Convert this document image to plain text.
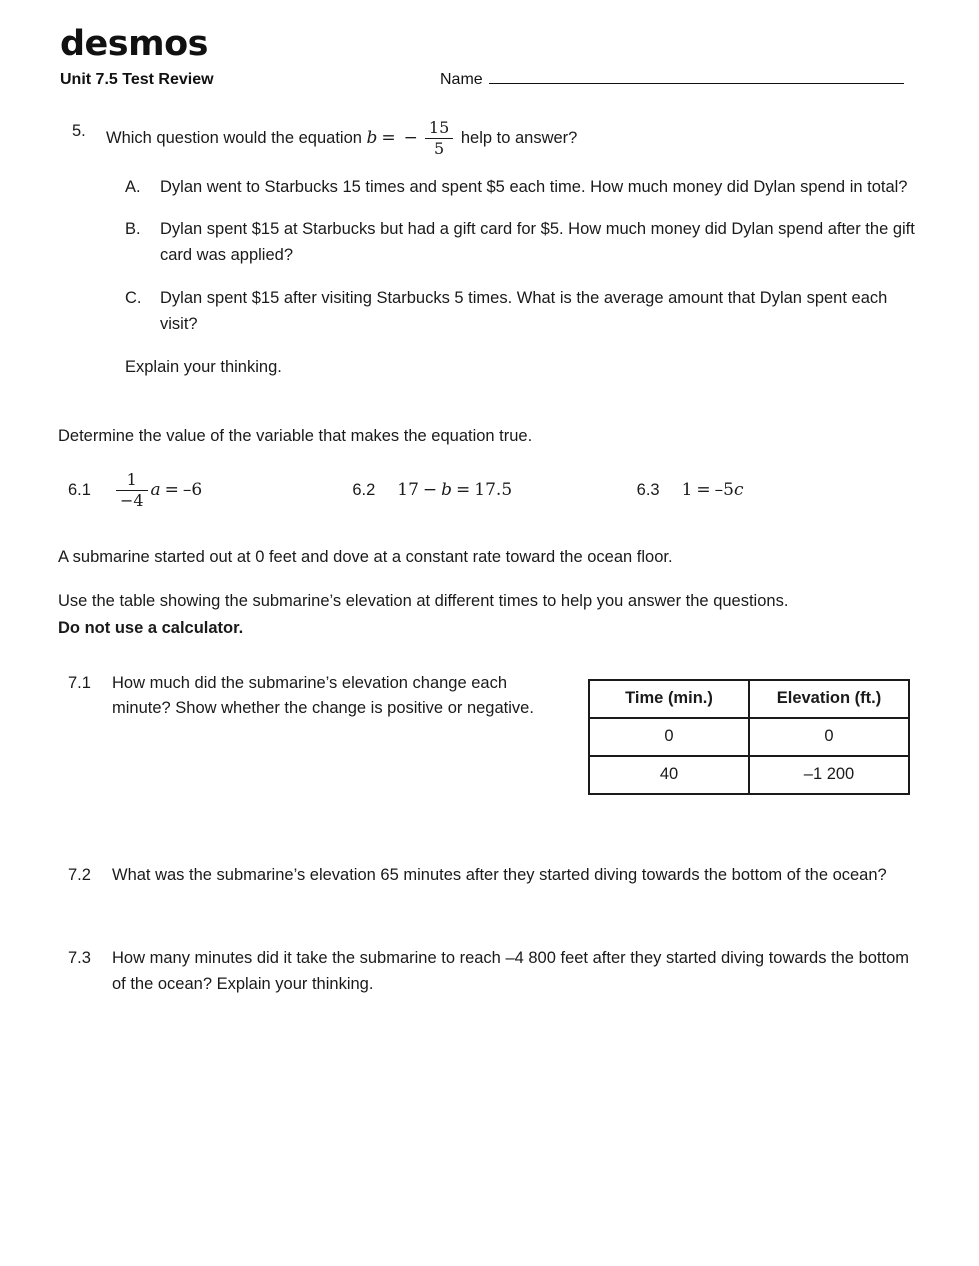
desmos
Unit 7.5 Test Review	Name
5.	Which question would the equation b = − $\frac{15}{5}$ help to answer?
A.	Dylan went to Starbucks 15 times and spent $5 each time. How much money did Dylan spend in total?
B.	Dylan spent $15 at Starbucks but had a gift card for $5. How much money did Dylan spend after the gift card was applied?
C.	Dylan spent $15 after visiting Starbucks 5 times. What is the average amount that Dylan spent each visit?
Explain your thinking.
Determine the value of the variable that makes the equation true.
$6.1 \frac{1}{-4}$ a = –6	6.2 17 − b = 17.5	6.3 1 = –5 c
A submarine started out at 0 feet and dove at a constant rate toward the ocean floor.
Use the table showing the submarine’s elevation at different times to help you answer the questions.
Do not use a calculator.
7.1	How much did the submarine’s elevation change each minute? Show whether the change is positive or negative.
Time (min.)	Elevation (ft.)
0	0
40	–1 200
7.2	What was the submarine’s elevation 65 minutes after they started diving towards the bottom of the ocean?
7.3	How many minutes did it take the submarine to reach –4 800 feet after they started diving towards the bottom of the ocean? Explain your thinking.
